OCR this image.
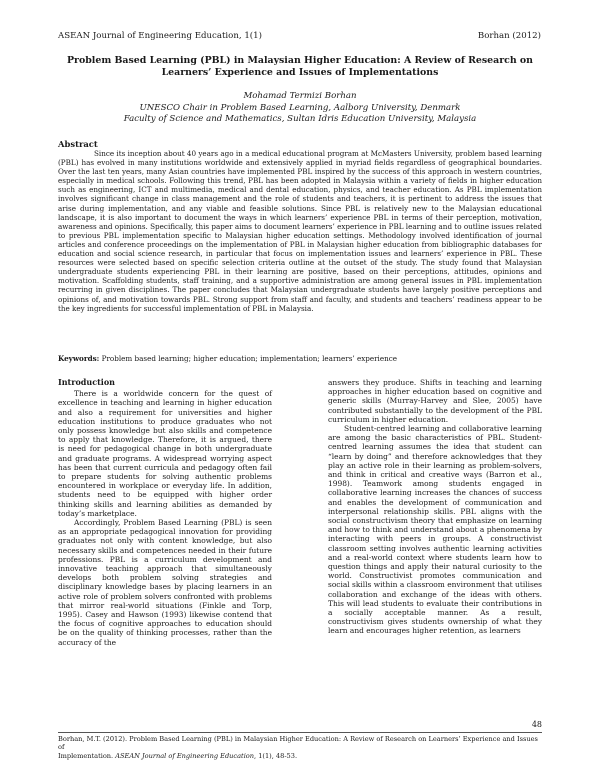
ASEAN Journal of Engineering Education, 1(1)	Borhan (2012)
Problem Based Learning (PBL) in Malaysian Higher Education: A Review of Research on Learners’ Experience and Issues of Implementations
Mohamad Termizi Borhan
UNESCO Chair in Problem Based Learning, Aalborg University, Denmark
Faculty of Science and Mathematics, Sultan Idris Education University, Malaysia
Abstract

Since its inception about 40 years ago in a medical educational program at McMasters University, problem based learning (PBL) has evolved in many institutions worldwide and extensively applied in myriad fields regardless of geographical boundaries. Over the last ten years, many Asian countries have implemented PBL inspired by the success of this approach in western countries, especially in medical schools. Following this trend, PBL has been adopted in Malaysia within a variety of fields in higher education such as engineering, ICT and multimedia, medical and dental education, physics, and teacher education. As PBL implementation involves significant change in class management and the role of students and teachers, it is pertinent to address the issues that arise during implementation, and any viable and feasible solutions. Since PBL is relatively new to the Malaysian educational landscape, it is also important to document the ways in which learners’ experience PBL in terms of their perception, motivation, awareness and opinions. Specifically, this paper aims to document learners’ experience in PBL learning and to outline issues related to previous PBL implementation specific to Malaysian higher education settings. Methodology involved identification of journal articles and conference proceedings on the implementation of PBL in Malaysian higher education from bibliographic databases for education and social science research, in particular that focus on implementation issues and learners’ experience in PBL. These resources were selected based on specific selection criteria outline at the outset of the study. The study found that Malaysian undergraduate students experiencing PBL in their learning are positive, based on their perceptions, attitudes, opinions and motivation. Scaffolding students, staff training, and a supportive administration are among general issues in PBL implementation recurring in given disciplines. The paper concludes that Malaysian undergraduate students have largely positive perceptions and opinions of, and motivation towards PBL. Strong support from staff and faculty, and students and teachers’ readiness appear to be the key ingredients for successful implementation of PBL in Malaysia.

Keywords: Problem based learning; higher education; implementation; learners’ experience
Introduction

There is a worldwide concern for the quest of excellence in teaching and learning in higher education and also a requirement for universities and higher education institutions to produce graduates who not only possess knowledge but also skills and competence to apply that knowledge. Therefore, it is argued, there is need for pedagogical change in both undergraduate and graduate programs. A widespread worrying aspect has been that current curricula and pedagogy often fail to prepare students for solving authentic problems encountered in workplace or everyday life. In addition, students need to be equipped with higher order thinking skills and learning abilities as demanded by today’s marketplace.

Accordingly, Problem Based Learning (PBL) is seen as an appropriate pedagogical innovation for providing graduates not only with content knowledge, but also necessary skills and competences needed in their future professions. PBL is a curriculum development and innovative teaching approach that simultaneously develops both problem solving strategies and disciplinary knowledge bases by placing learners in an active role of problem solvers confronted with problems that mirror real-world situations (Finkle and Torp, 1995). Casey and Hawson (1993) likewise contend that the focus of cognitive approaches to education should be on the quality of thinking processes, rather than the accuracy of the

answers they produce. Shifts in teaching and learning approaches in higher education based on cognitive and generic skills (Murray-Harvey and Slee, 2005) have contributed substantially to the development of the PBL curriculum in higher education.

Student-centred learning and collaborative learning are among the basic characteristics of PBL. Student-centred learning assumes the idea that student can “learn by doing” and therefore acknowledges that they play an active role in their learning as problem-solvers, and think in critical and creative ways (Barron et al., 1998). Teamwork among students engaged in collaborative learning increases the chances of success and enables the development of communication and interpersonal relationship skills. PBL aligns with the social constructivism theory that emphasize on learning and how to think and understand about a phenomena by interacting with peers in groups. A constructivist classroom setting involves authentic learning activities and a real-world context where students learn how to question things and apply their natural curiosity to the world. Constructivist promotes communication and social skills within a classroom environment that utilises collaboration and exchange of the ideas with others. This will lead students to evaluate their contributions in a socially acceptable manner. As a result, constructivism gives students ownership of what they learn and encourages higher retention, as learners

48
Borhan, M.T. (2012). Problem Based Learning (PBL) in Malaysian Higher Education: A Review of Research on Learners’ Experience and Issues of
Implementation. ASEAN Journal of Engineering Education, 1(1), 48-53.
